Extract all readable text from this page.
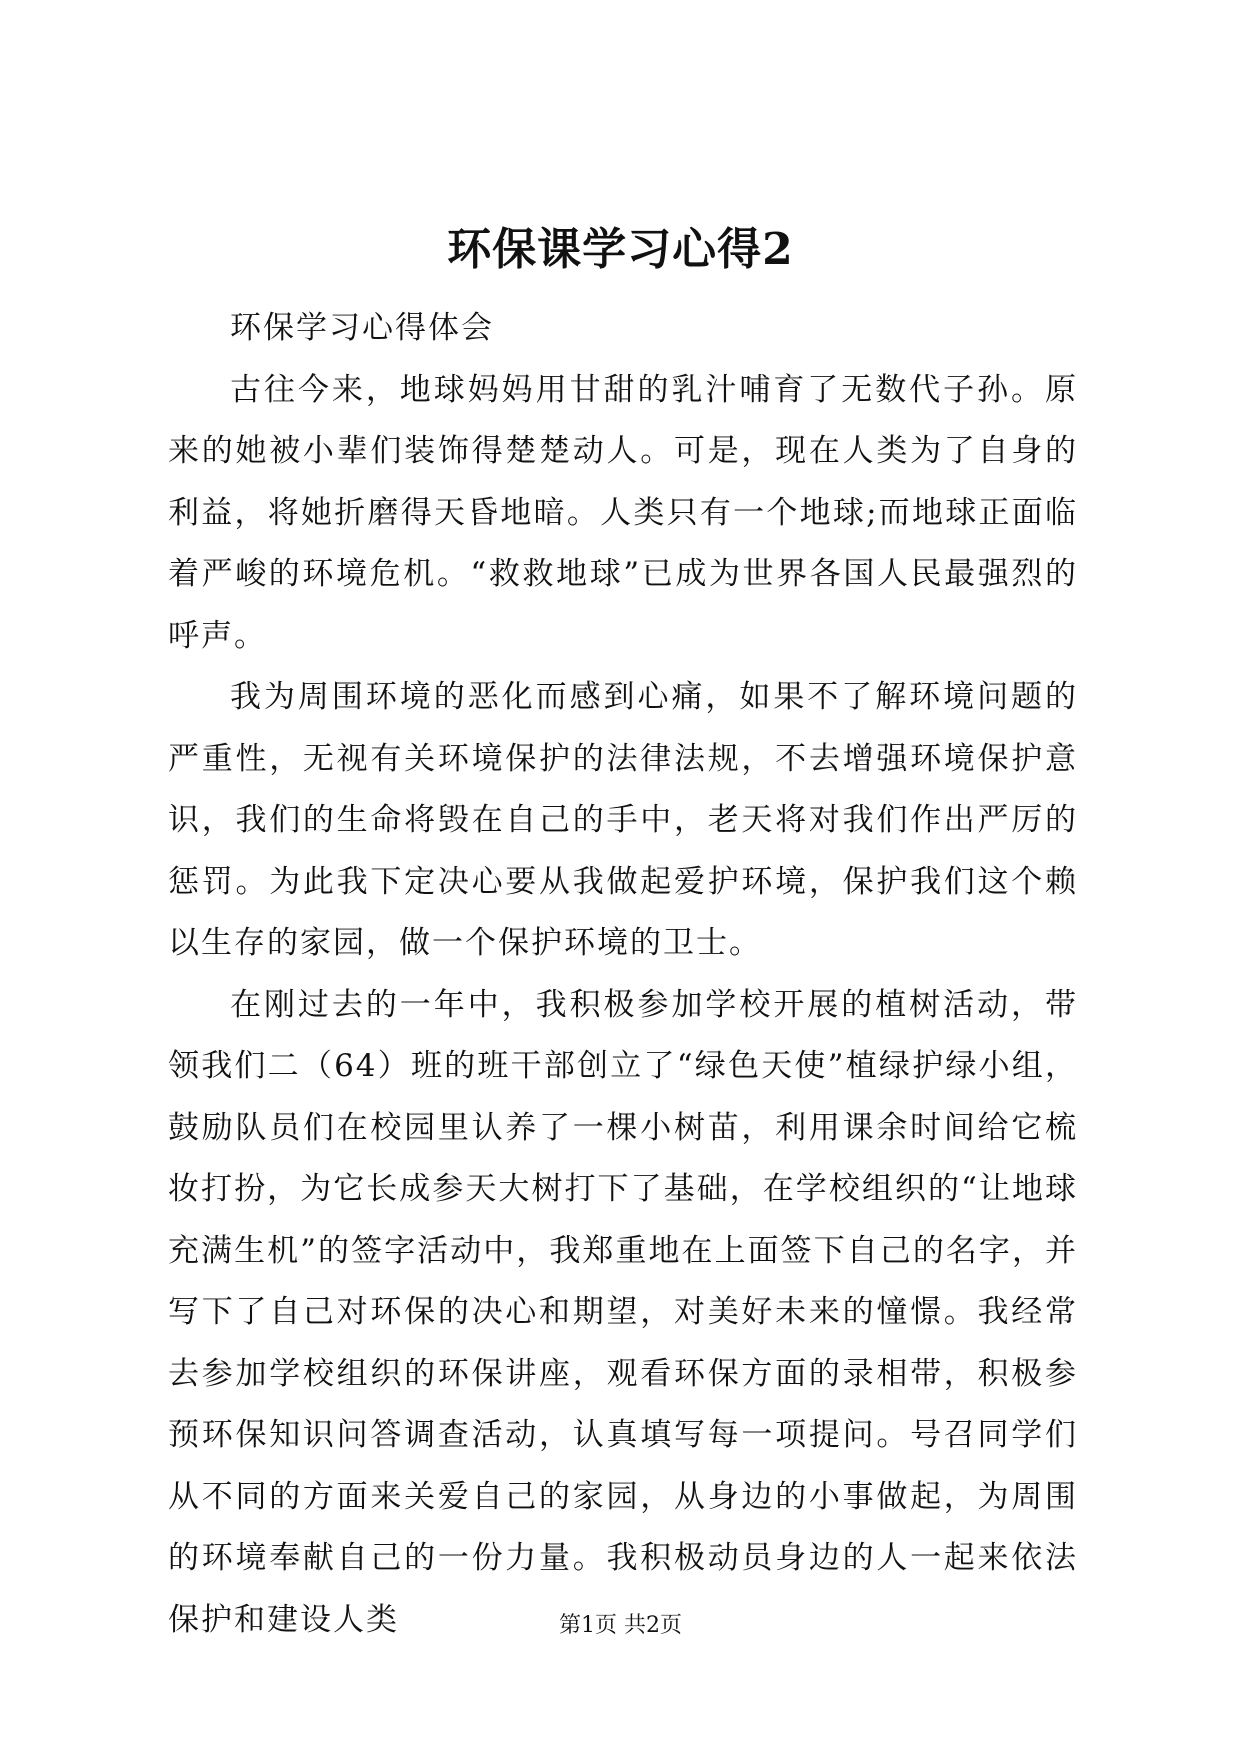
环保课学习心得2

环保学习心得体会

古往今来，地球妈妈用甘甜的乳汁哺育了无数代子孙。原来的她被小辈们装饰得楚楚动人。可是，现在人类为了自身的利益，将她折磨得天昏地暗。人类只有一个地球;而地球正面临着严峻的环境危机。“救救地球”已成为世界各国人民最强烈的呼声。

我为周围环境的恶化而感到心痛，如果不了解环境问题的严重性，无视有关环境保护的法律法规，不去增强环境保护意识，我们的生命将毁在自己的手中，老天将对我们作出严厉的惩罚。为此我下定决心要从我做起爱护环境，保护我们这个赖以生存的家园，做一个保护环境的卫士。

在刚过去的一年中，我积极参加学校开展的植树活动，带领我们二（64）班的班干部创立了“绿色天使”植绿护绿小组，鼓励队员们在校园里认养了一棵小树苗，利用课余时间给它梳妆打扮，为它长成参天大树打下了基础，在学校组织的“让地球充满生机”的签字活动中，我郑重地在上面签下自己的名字，并写下了自己对环保的决心和期望，对美好未来的憧憬。我经常去参加学校组织的环保讲座，观看环保方面的录相带，积极参预环保知识问答调查活动，认真填写每一项提问。号召同学们从不同的方面来关爱自己的家园，从身边的小事做起，为周围的环境奉献自己的一份力量。我积极动员身边的人一起来依法保护和建设人类	第1页 共2页
